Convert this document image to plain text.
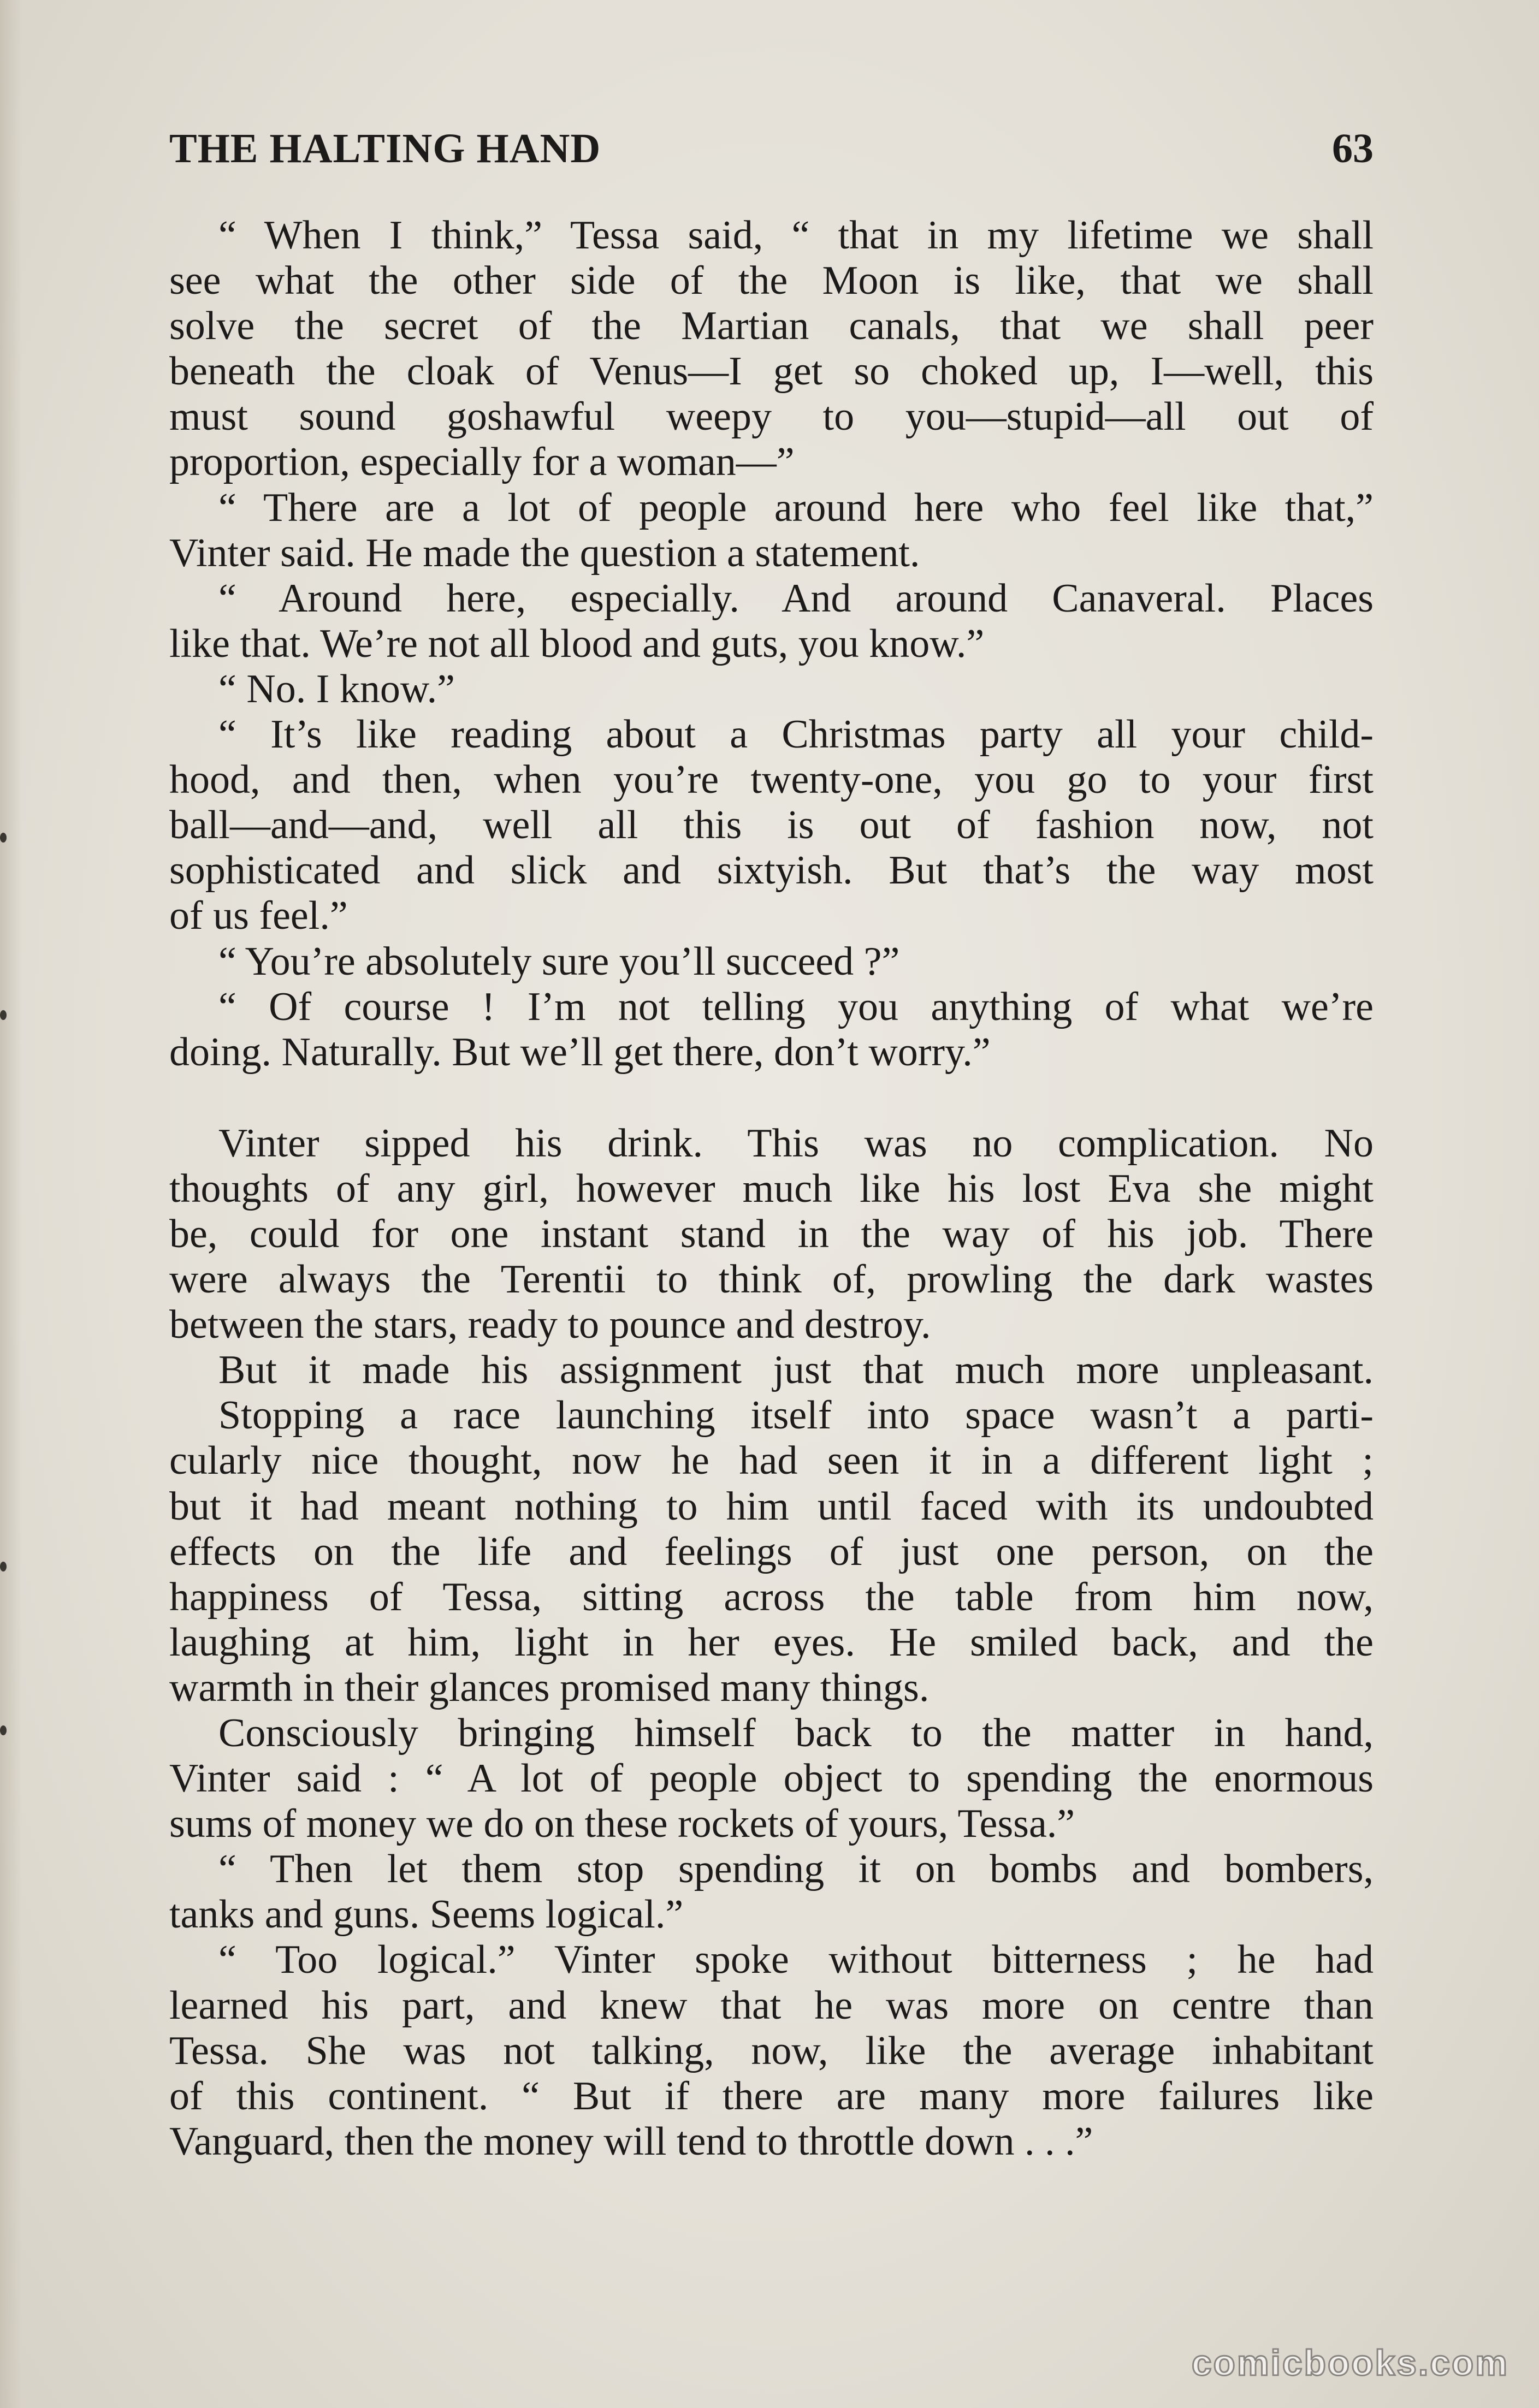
THE HALTING HAND	63
“ When I think,” Tessa said, “ that in my lifetime we shall
see what the other side of the Moon is like, that we shall
solve the secret of the Martian canals, that we shall peer
beneath the cloak of Venus—I get so choked up, I—well, this
must sound goshawful weepy to you—stupid—all out of
proportion, especially for a woman—”
“ There are a lot of people around here who feel like that,”
Vinter said. He made the question a statement.
“ Around here, especially. And around Canaveral. Places
like that. We’re not all blood and guts, you know.”
“ No. I know.”
“ It’s like reading about a Christmas party all your child-
hood, and then, when you’re twenty-one, you go to your first
ball—and—and, well all this is out of fashion now, not
sophisticated and slick and sixtyish. But that’s the way most
of us feel.”
“ You’re absolutely sure you’ll succeed ?”
“ Of course ! I’m not telling you anything of what we’re
doing. Naturally. But we’ll get there, don’t worry.”
Vinter sipped his drink. This was no complication. No
thoughts of any girl, however much like his lost Eva she might
be, could for one instant stand in the way of his job. There
were always the Terentii to think of, prowling the dark wastes
between the stars, ready to pounce and destroy.
But it made his assignment just that much more unpleasant.
Stopping a race launching itself into space wasn’t a parti-
cularly nice thought, now he had seen it in a different light ;
but it had meant nothing to him until faced with its undoubted
effects on the life and feelings of just one person, on the
happiness of Tessa, sitting across the table from him now,
laughing at him, light in her eyes. He smiled back, and the
warmth in their glances promised many things.
Consciously bringing himself back to the matter in hand,
Vinter said : “ A lot of people object to spending the enormous
sums of money we do on these rockets of yours, Tessa.”
“ Then let them stop spending it on bombs and bombers,
tanks and guns. Seems logical.”
“ Too logical.” Vinter spoke without bitterness ; he had
learned his part, and knew that he was more on centre than
Tessa. She was not talking, now, like the average inhabitant
of this continent. “ But if there are many more failures like
Vanguard, then the money will tend to throttle down . . .”
comicbooks.com
